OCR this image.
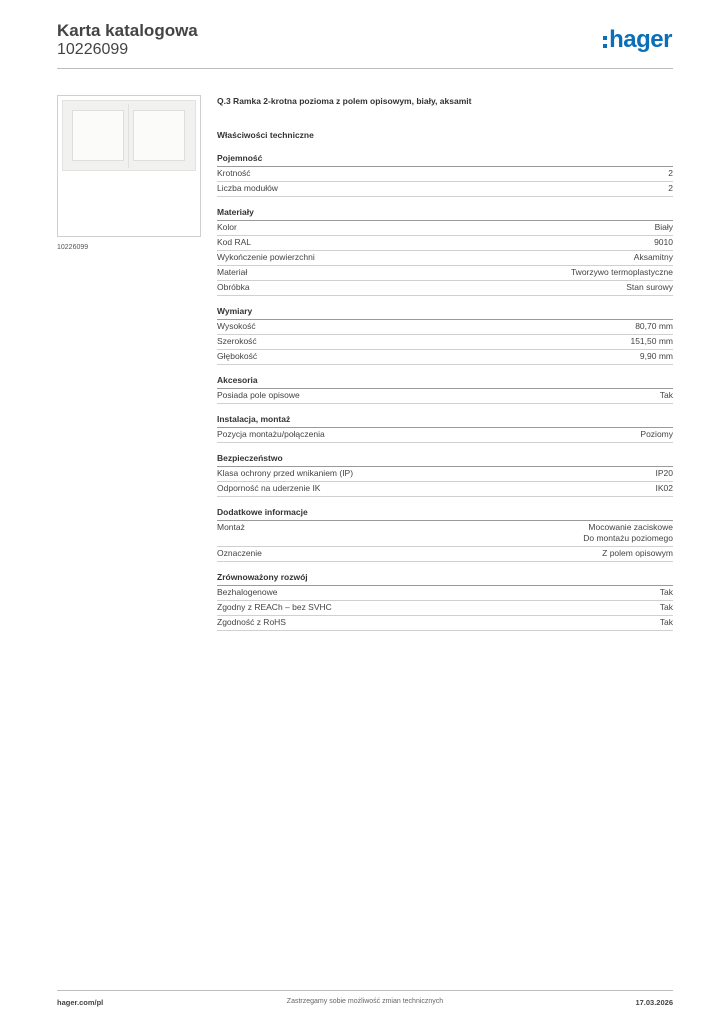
Karta katalogowa
10226099	hager
10226099
Q.3 Ramka 2-krotna pozioma z polem opisowym, biały, aksamit
Właściwości techniczne
Pojemność
Krotność	2
Liczba modułów	2
Materiały
Kolor	Biały
Kod RAL	9010
Wykończenie powierzchni	Aksamitny
Materiał	Tworzywo termoplastyczne
Obróbka	Stan surowy
Wymiary
Wysokość	80,70 mm
Szerokość	151,50 mm
Głębokość	9,90 mm
Akcesoria
Posiada pole opisowe	Tak
Instalacja, montaż
Pozycja montażu/połączenia	Poziomy
Bezpieczeństwo
Klasa ochrony przed wnikaniem (IP)	IP20
Odporność na uderzenie IK	IK02
Dodatkowe informacje
Montaż	Mocowanie zaciskowe
Do montażu poziomego
Oznaczenie	Z polem opisowym
Zrównoważony rozwój
Bezhalogenowe	Tak
Zgodny z REACh – bez SVHC	Tak
Zgodność z RoHS	Tak
hager.com/pl	Zastrzegamy sobie możliwość zmian technicznych	17.03.2026
